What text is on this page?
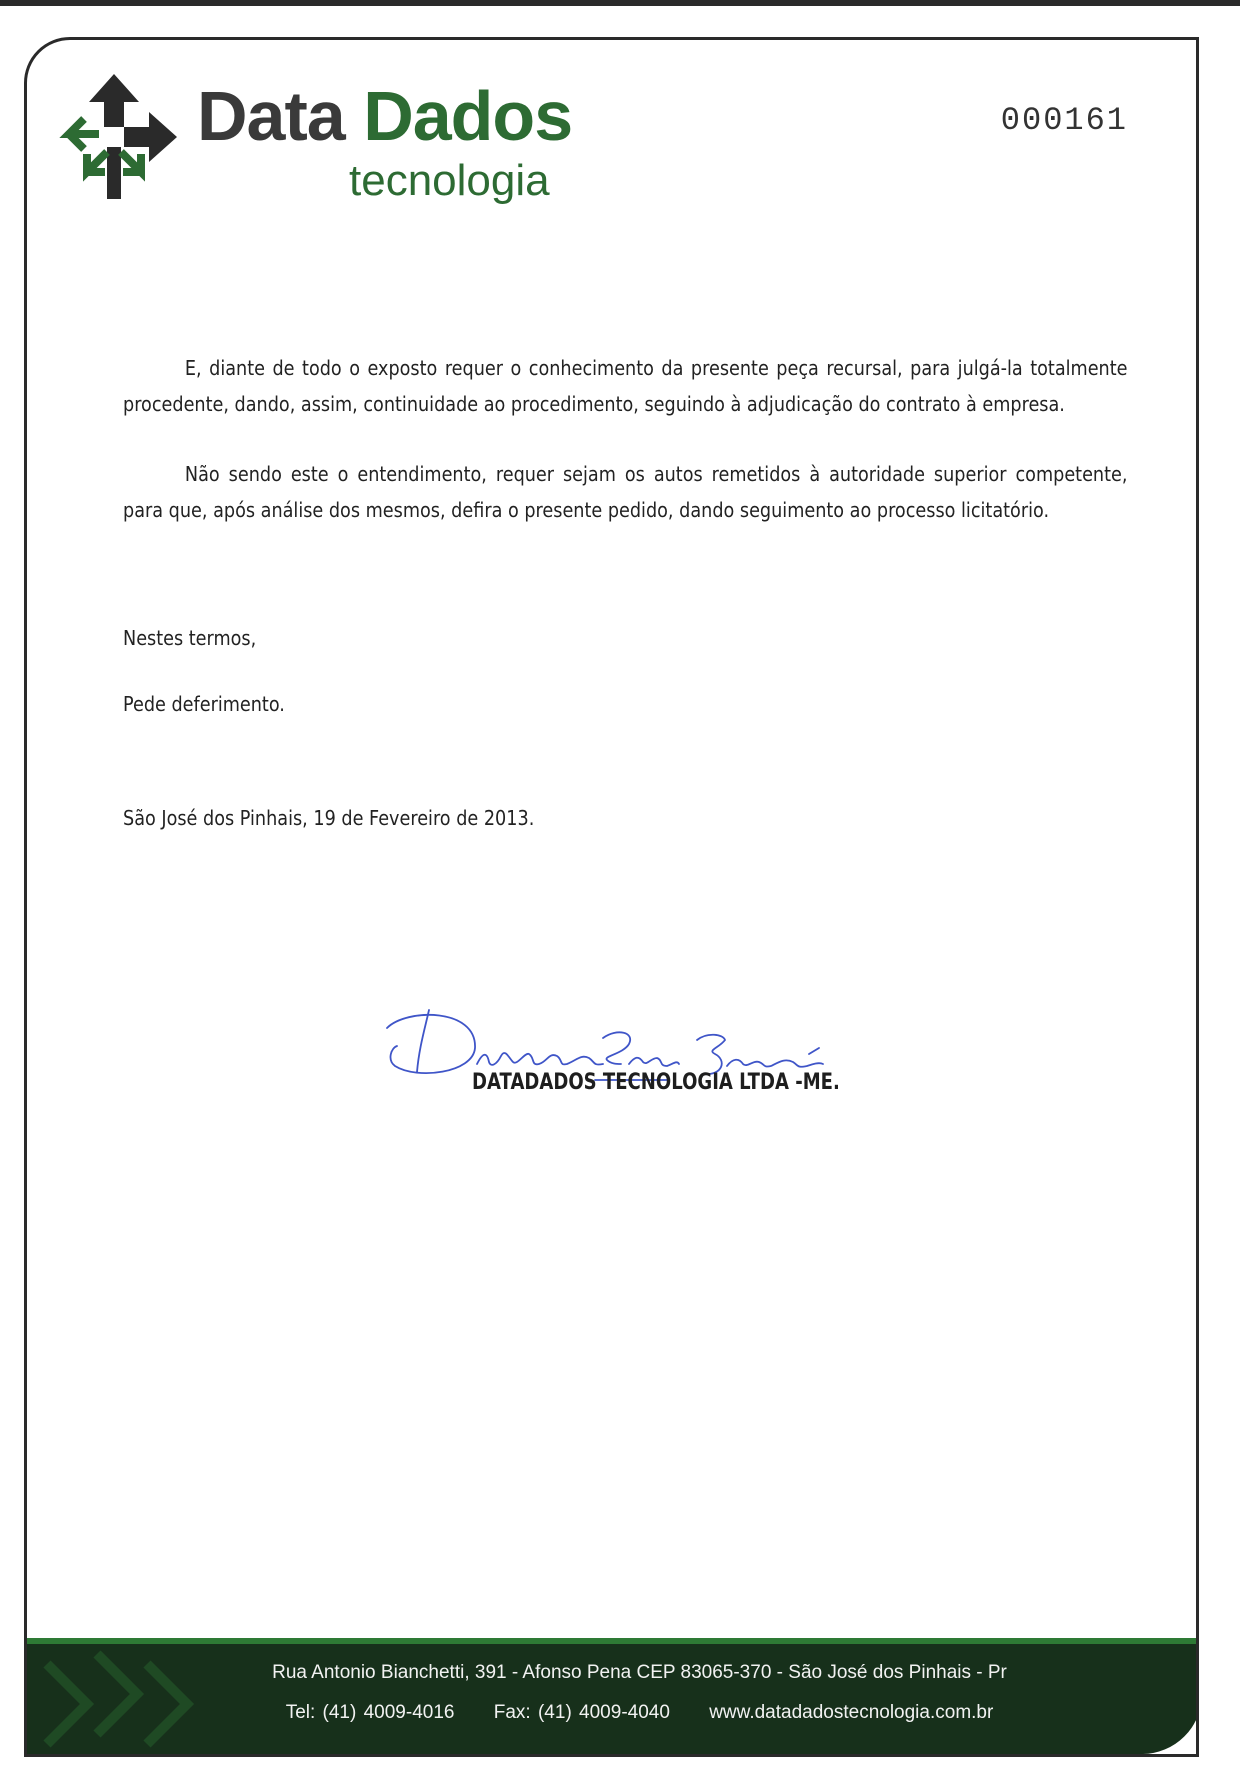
Data Dados
tecnologia
000161

E, diante de todo o exposto requer o conhecimento da presente peça recursal, para julgá-la totalmente procedente, dando, assim, continuidade ao procedimento, seguindo à adjudicação do contrato à empresa.

Não sendo este o entendimento, requer sejam os autos remetidos à autoridade superior competente, para que, após análise dos mesmos, defira o presente pedido, dando seguimento ao processo licitatório.

Nestes termos,

Pede deferimento.

São José dos Pinhais, 19 de Fevereiro de 2013.

DATADADOS TECNOLOGIA LTDA -ME.
Rua Antonio Bianchetti, 391 - Afonso Pena CEP 83065-370 - São José dos Pinhais - Pr
Tel: (41) 4009-4016 Fax: (41) 4009-4040 www.datadadostecnologia.com.br
